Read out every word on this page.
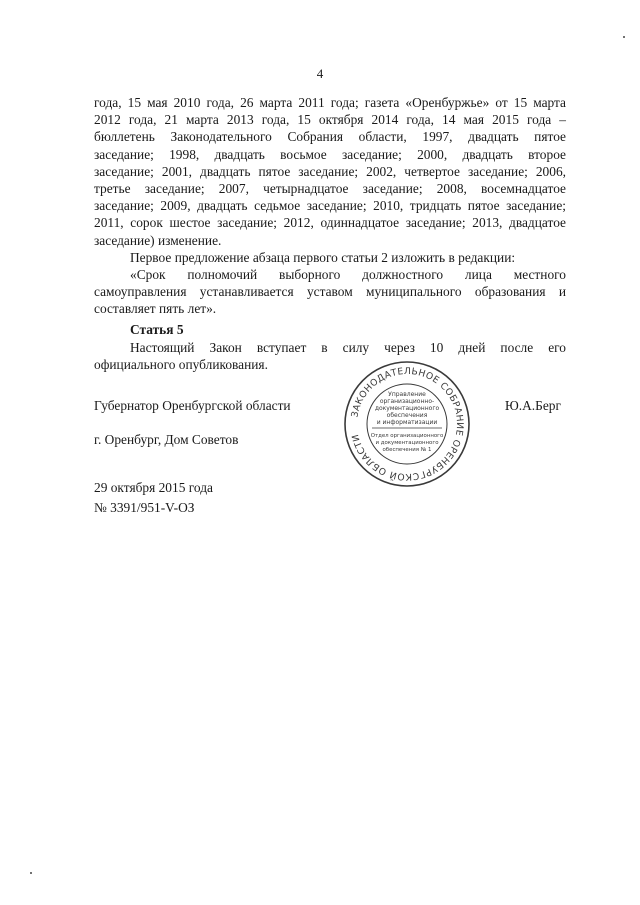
4
года, 15 мая 2010 года, 26 марта 2011 года; газета «Оренбуржье» от 15 марта
2012 года, 21 марта 2013 года, 15 октября 2014 года, 14 мая 2015 года –
бюллетень Законодательного Собрания области, 1997, двадцать пятое
заседание; 1998, двадцать восьмое заседание; 2000, двадцать второе
заседание; 2001, двадцать пятое заседание; 2002, четвертое заседание; 2006,
третье заседание; 2007, четырнадцатое заседание; 2008, восемнадцатое
заседание; 2009, двадцать седьмое заседание; 2010, тридцать пятое заседание;
2011, сорок шестое заседание; 2012, одиннадцатое заседание; 2013, двадцатое
заседание) изменение.
Первое предложение абзаца первого статьи 2 изложить в редакции:
«Срок полномочий выборного должностного лица местного
самоуправления устанавливается уставом муниципального образования и
составляет пять лет».
Статья 5
Настоящий Закон вступает в силу через 10 дней после его
официального опубликования.
Губернатор Оренбургской области	Ю.А.Берг
г. Оренбург, Дом Советов
29 октября 2015 года
№ 3391/951-V-ОЗ
ЗАКОНОДАТЕЛЬНОЕ СОБРАНИЕ ОРЕНБУРГСКОЙ ОБЛАСТИ
Управление
организационно-
документационного
обеспечения
и информатизации
Отдел организационного
и документационного
обеспечения № 1
